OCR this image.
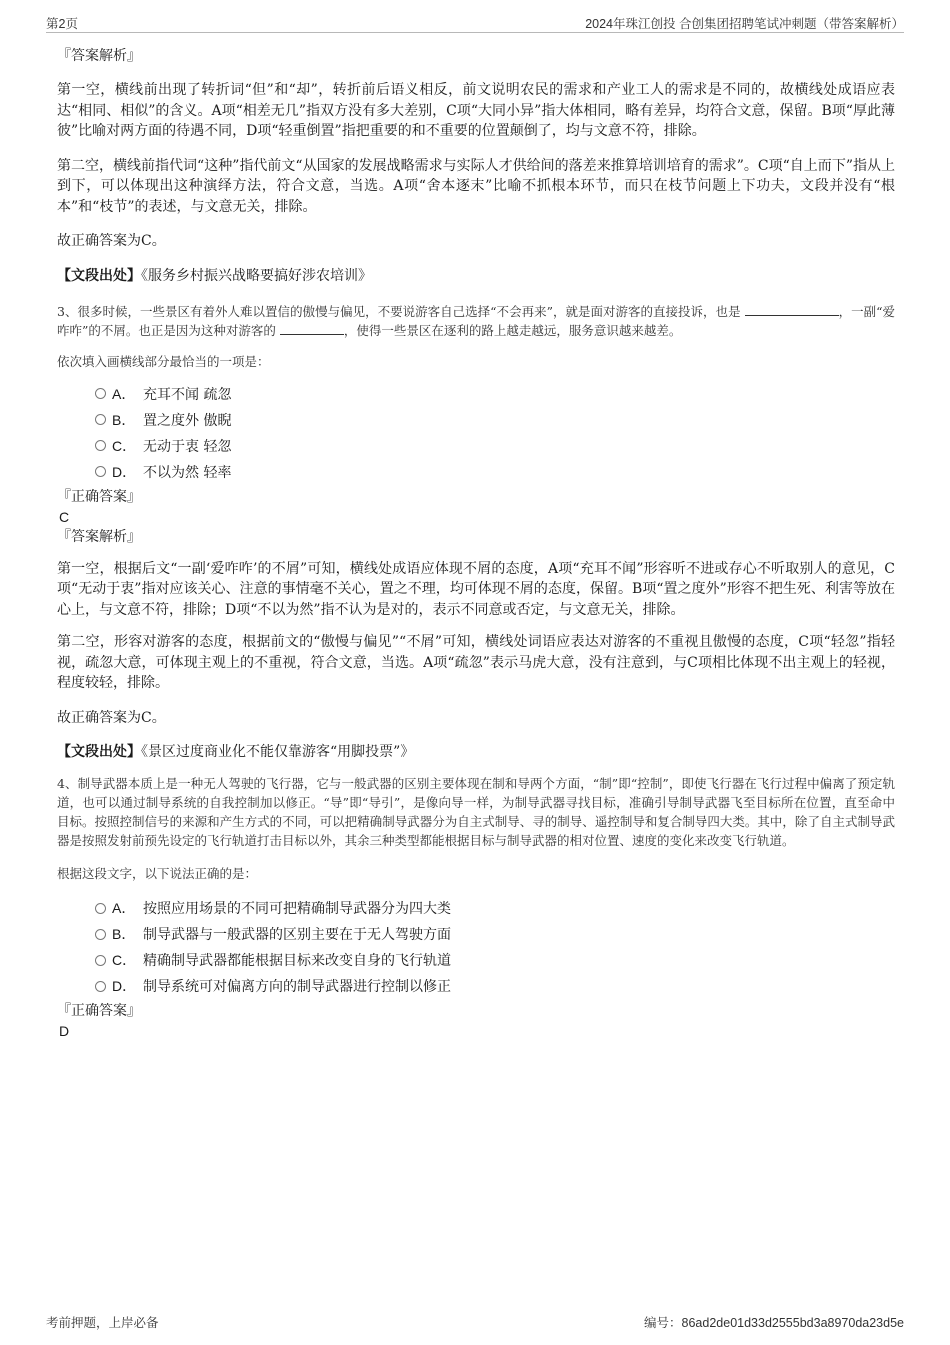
第2页	2024年珠江创投 合创集团招聘笔试冲刺题（带答案解析）

『答案解析』

第一空，横线前出现了转折词“但”和“却”，转折前后语义相反，前文说明农民的需求和产业工人的需求是不同的，故横线处成语应表达“相同、相似”的含义。A项“相差无几”指双方没有多大差别，C项“大同小异”指大体相同，略有差异，均符合文意，保留。B项“厚此薄彼”比喻对两方面的待遇不同，D项“轻重倒置”指把重要的和不重要的位置颠倒了，均与文意不符，排除。

第二空，横线前指代词“这种”指代前文“从国家的发展战略需求与实际人才供给间的落差来推算培训培育的需求”。C项“自上而下”指从上到下，可以体现出这种演绎方法，符合文意，当选。A项“舍本逐末”比喻不抓根本环节，而只在枝节问题上下功夫，文段并没有“根本”和“枝节”的表述，与文意无关，排除。

故正确答案为C。

【文段出处】《服务乡村振兴战略要搞好涉农培训》

3、很多时候，一些景区有着外人难以置信的傲慢与偏见，不要说游客自己选择“不会再来”，就是面对游客的直接投诉，也是	，一副“爱咋咋”的不屑。也正是因为这种对游客的	，使得一些景区在逐利的路上越走越远，服务意识越来越差。

依次填入画横线部分最恰当的一项是：

A． 充耳不闻 疏忽
B． 置之度外 傲睨
C． 无动于衷 轻忽
D． 不以为然 轻率

『正确答案』

C

『答案解析』

第一空，根据后文“一副‘爱咋咋’的不屑”可知，横线处成语应体现不屑的态度，A项“充耳不闻”形容听不进或存心不听取别人的意见，C项“无动于衷”指对应该关心、注意的事情毫不关心，置之不理，均可体现不屑的态度，保留。B项“置之度外”形容不把生死、利害等放在心上，与文意不符，排除；D项“不以为然”指不认为是对的，表示不同意或否定，与文意无关，排除。

第二空，形容对游客的态度，根据前文的“傲慢与偏见”“不屑”可知，横线处词语应表达对游客的不重视且傲慢的态度，C项“轻忽”指轻视，疏忽大意，可体现主观上的不重视，符合文意，当选。A项“疏忽”表示马虎大意，没有注意到，与C项相比体现不出主观上的轻视，程度较轻，排除。

故正确答案为C。

【文段出处】《景区过度商业化不能仅靠游客“用脚投票”》

4、制导武器本质上是一种无人驾驶的飞行器，它与一般武器的区别主要体现在制和导两个方面，“制”即“控制”，即使飞行器在飞行过程中偏离了预定轨道，也可以通过制导系统的自我控制加以修正。“导”即“导引”，是像向导一样，为制导武器寻找目标，准确引导制导武器飞至目标所在位置，直至命中目标。按照控制信号的来源和产生方式的不同，可以把精确制导武器分为自主式制导、寻的制导、遥控制导和复合制导四大类。其中，除了自主式制导武器是按照发射前预先设定的飞行轨道打击目标以外，其余三种类型都能根据目标与制导武器的相对位置、速度的变化来改变飞行轨道。

根据这段文字，以下说法正确的是：

A． 按照应用场景的不同可把精确制导武器分为四大类
B． 制导武器与一般武器的区别主要在于无人驾驶方面
C． 精确制导武器都能根据目标来改变自身的飞行轨道
D． 制导系统可对偏离方向的制导武器进行控制以修正

『正确答案』

D

考前押题，上岸必备	编号：86ad2de01d33d2555bd3a8970da23d5e
